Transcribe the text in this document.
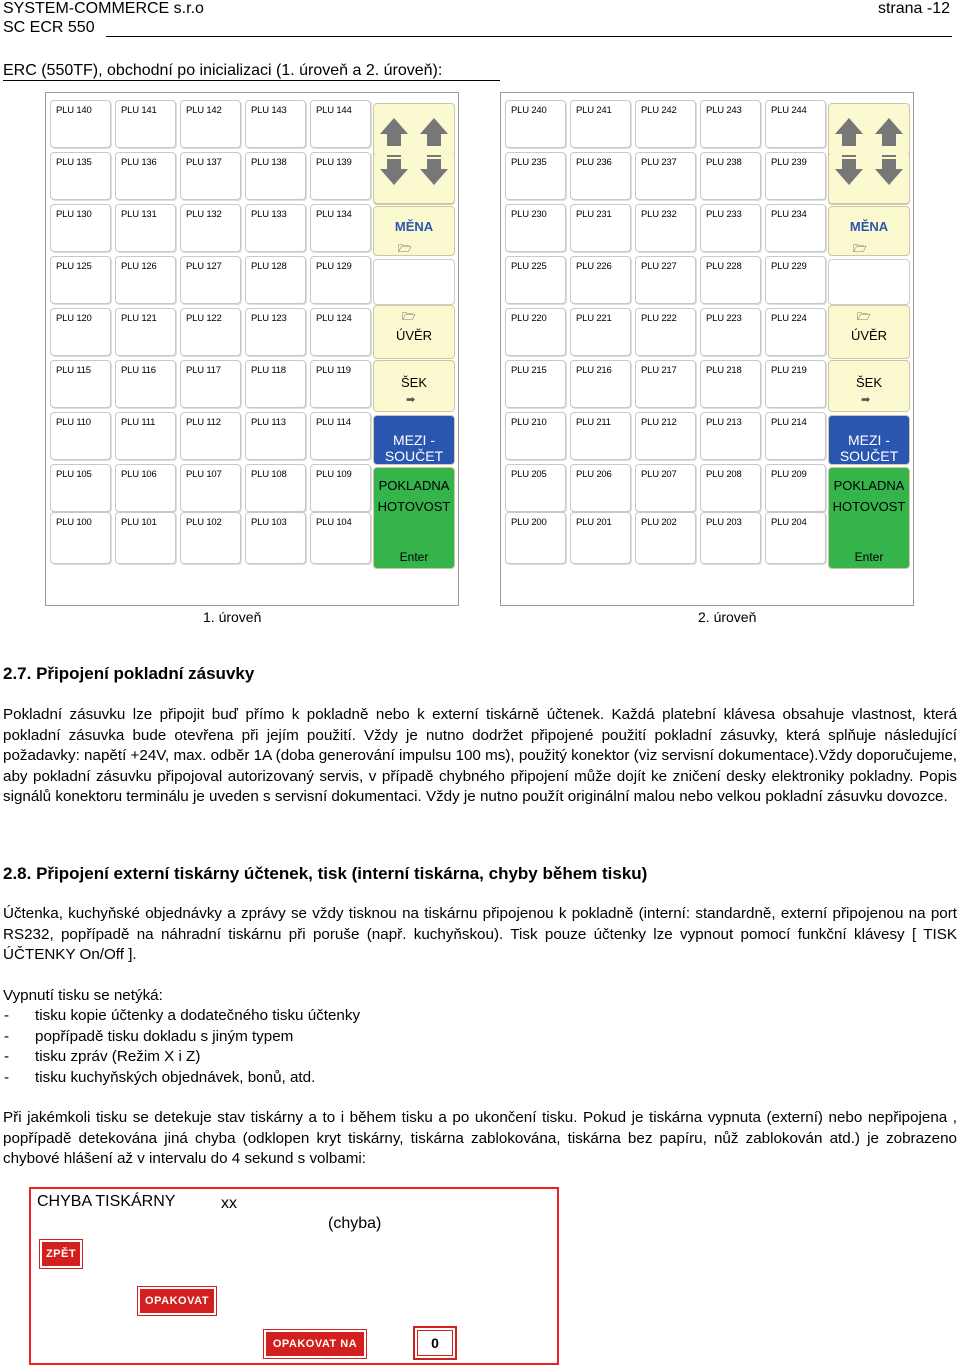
SYSTEM-COMMERCE s.r.o	strana -12
SC ECR 550
ERC (550TF), obchodní po inicializaci (1. úroveň a 2. úroveň):
PLU 140	PLU 141	PLU 142	PLU 143	PLU 144
PLU 135	PLU 136	PLU 137	PLU 138	PLU 139
PLU 130	PLU 131	PLU 132	PLU 133	PLU 134
PLU 125	PLU 126	PLU 127	PLU 128	PLU 129
PLU 120	PLU 121	PLU 122	PLU 123	PLU 124
PLU 115	PLU 116	PLU 117	PLU 118	PLU 119
PLU 110	PLU 111	PLU 112	PLU 113	PLU 114
PLU 105	PLU 106	PLU 107	PLU 108	PLU 109
PLU 100	PLU 101	PLU 102	PLU 103	PLU 104
MĚNA
🗁
🗁
ÚVĚR
ŠEK
➡
MEZI - SOUČET
POKLADNA
HOTOVOST
Enter
1. úroveň
PLU 240	PLU 241	PLU 242	PLU 243	PLU 244
PLU 235	PLU 236	PLU 237	PLU 238	PLU 239
PLU 230	PLU 231	PLU 232	PLU 233	PLU 234
PLU 225	PLU 226	PLU 227	PLU 228	PLU 229
PLU 220	PLU 221	PLU 222	PLU 223	PLU 224
PLU 215	PLU 216	PLU 217	PLU 218	PLU 219
PLU 210	PLU 211	PLU 212	PLU 213	PLU 214
PLU 205	PLU 206	PLU 207	PLU 208	PLU 209
PLU 200	PLU 201	PLU 202	PLU 203	PLU 204
MĚNA
🗁
🗁
ÚVĚR
ŠEK
➡
MEZI - SOUČET
POKLADNA
HOTOVOST
Enter
2. úroveň
2.7. Připojení pokladní zásuvky
Pokladní zásuvku lze připojit buď přímo k pokladně nebo k externí tiskárně účtenek. Každá platební klávesa obsahuje vlastnost, která pokladní zásuvka bude otevřena při jejím použití. Vždy je nutno dodržet připojené použití pokladní zásuvky, která splňuje následující požadavky: napětí +24V, max. odběr 1A (doba generování impulsu 100 ms), použitý konektor (viz servisní dokumentace).Vždy doporučujeme, aby pokladní zásuvku připojoval autorizovaný servis, v případě chybného připojení může dojít ke zničení desky elektroniky pokladny. Popis signálů konektoru terminálu je uveden s servisní dokumentaci. Vždy je nutno použít originální malou nebo velkou pokladní zásuvku dovozce.
2.8. Připojení externí tiskárny účtenek, tisk (interní tiskárna, chyby během tisku)
Účtenka, kuchyňské objednávky a zprávy se vždy tisknou na tiskárnu připojenou k pokladně (interní: standardně, externí připojenou na port RS232, popřípadě na náhradní tiskárnu při poruše (např. kuchyňskou). Tisk pouze účtenky lze vypnout pomocí funkční klávesy [ TISK ÚČTENKY On/Off ].
Vypnutí tisku se netýká:
- tisku kopie účtenky a dodatečného tisku účtenky
- popřípadě tisku dokladu s jiným typem
- tisku zpráv (Režim X i Z)
- tisku kuchyňských objednávek, bonů, atd.
Při jakémkoli tisku se detekuje stav tiskárny a to i během tisku a po ukončení tisku. Pokud je tiskárna vypnuta (externí) nebo nepřipojena , popřípadě detekována jiná chyba (odklopen kryt tiskárny, tiskárna zablokována, tiskárna bez papíru, nůž zablokován atd.) je zobrazeno chybové hlášení až v intervalu do 4 sekund s volbami:
CHYBA TISKÁRNY	xx
(chyba)
ZPĚT
OPAKOVAT
OPAKOVAT NA	0
